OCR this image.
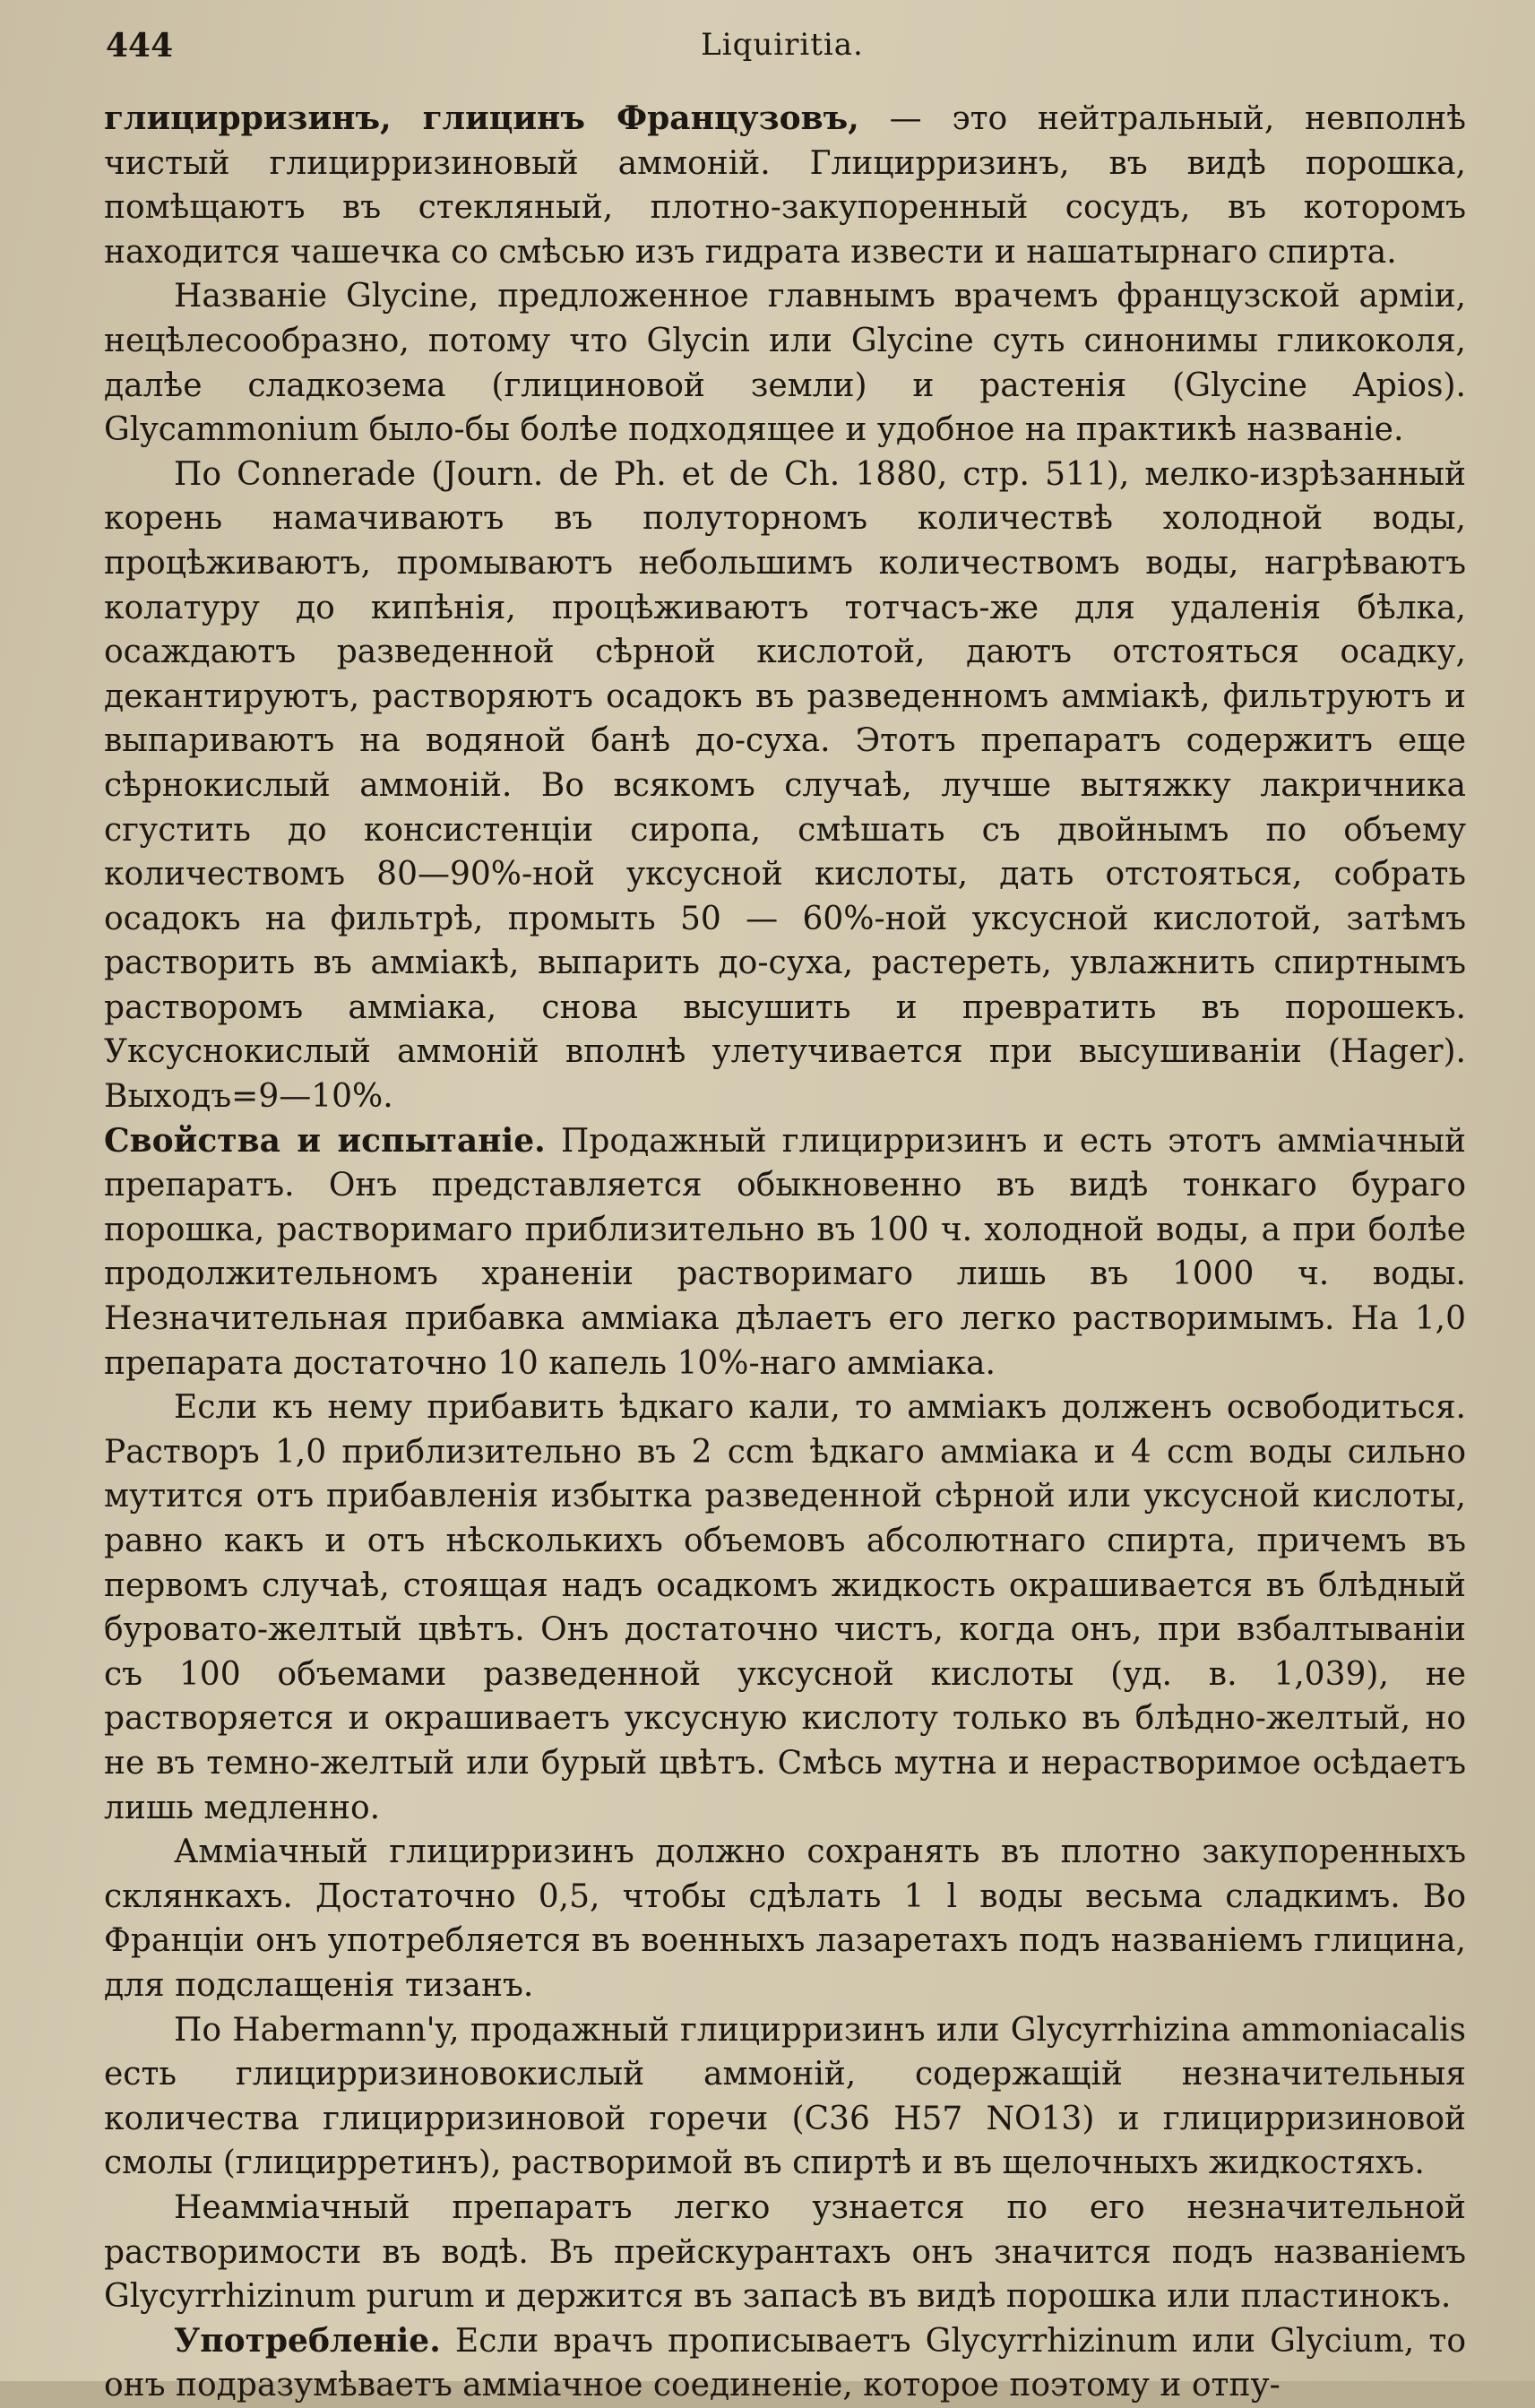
444	Liquiritia.

глицирризинъ, глицинъ Французовъ, — это нейтральный, невполнѣ чистый глицирризиновый аммоній. Глицирризинъ, въ видѣ порошка, помѣщаютъ въ стекляный, плотно-закупоренный сосудъ, въ которомъ находится чашечка со смѣсью изъ гидрата извести и нашатырнаго спирта.

Названіе Glycine, предложенное главнымъ врачемъ французской арміи, нецѣлесообразно, потому что Glycin или Glycine суть синонимы гликоколя, далѣе сладкозема (глициновой земли) и растенія (Glycine Apios). Glycammonium было-бы болѣе подходящее и удобное на практикѣ названіе.

По Connerade (Journ. de Ph. et de Ch. 1880, стр. 511), мелко-изрѣзанный корень намачиваютъ въ полуторномъ количествѣ холодной воды, процѣживаютъ, промываютъ небольшимъ количествомъ воды, нагрѣваютъ колатуру до кипѣнія, процѣживаютъ тотчасъ-же для удаленія бѣлка, осаждаютъ разведенной сѣрной кислотой, даютъ отстояться осадку, декантируютъ, растворяютъ осадокъ въ разведенномъ амміакѣ, фильтруютъ и выпариваютъ на водяной банѣ до-суха. Этотъ препаратъ содержитъ еще сѣрнокислый аммоній. Во всякомъ случаѣ, лучше вытяжку лакричника сгустить до консистенціи сиропа, смѣшать съ двойнымъ по объему количествомъ 80—90%-ной уксусной кислоты, дать отстояться, собрать осадокъ на фильтрѣ, промыть 50 — 60%-ной уксусной кислотой, затѣмъ растворить въ амміакѣ, выпарить до-суха, растереть, увлажнить спиртнымъ растворомъ амміака, снова высушить и превратить въ порошекъ. Уксуснокислый аммоній вполнѣ улетучивается при высушиваніи (Hager). Выходъ=9—10%.

Свойства и испытаніе. Продажный глицирризинъ и есть этотъ амміачный препаратъ. Онъ представляется обыкновенно въ видѣ тонкаго бураго порошка, растворимаго приблизительно въ 100 ч. холодной воды, а при болѣе продолжительномъ храненіи растворимаго лишь въ 1000 ч. воды. Незначительная прибавка амміака дѣлаетъ его легко растворимымъ. На 1,0 препарата достаточно 10 капель 10%-наго амміака.

Если къ нему прибавить ѣдкаго кали, то амміакъ долженъ освободиться. Растворъ 1,0 приблизительно въ 2 ccm ѣдкаго амміака и 4 ccm воды сильно мутится отъ прибавленія избытка разведенной сѣрной или уксусной кислоты, равно какъ и отъ нѣсколькихъ объемовъ абсолютнаго спирта, причемъ въ первомъ случаѣ, стоящая надъ осадкомъ жидкость окрашивается въ блѣдный буровато-желтый цвѣтъ. Онъ достаточно чистъ, когда онъ, при взбалтываніи съ 100 объемами разведенной уксусной кислоты (уд. в. 1,039), не растворяется и окрашиваетъ уксусную кислоту только въ блѣдно-желтый, но не въ темно-желтый или бурый цвѣтъ. Смѣсь мутна и нерастворимое осѣдаетъ лишь медленно.

Амміачный глицирризинъ должно сохранять въ плотно закупоренныхъ склянкахъ. Достаточно 0,5, чтобы сдѣлать 1 l воды весьма сладкимъ. Во Франціи онъ употребляется въ военныхъ лазаретахъ подъ названіемъ глицина, для подслащенія тизанъ.

По Habermann'y, продажный глицирризинъ или Glycyrrhizina ammoniacalis есть глицирризиновокислый аммоній, содержащій незначительныя количества глицирризиновой горечи (C36 H57 NO13) и глицирризиновой смолы (глицирретинъ), растворимой въ спиртѣ и въ щелочныхъ жидкостяхъ.

Неамміачный препаратъ легко узнается по его незначительной растворимости въ водѣ. Въ прейскурантахъ онъ значится подъ названіемъ Glycyrrhizinum purum и держится въ запасѣ въ видѣ порошка или пластинокъ.

Употребленіе. Если врачъ прописываетъ Glycyrrhizinum или Glycium, то онъ подразумѣваетъ амміачное соединеніе, которое поэтому и отпу-
